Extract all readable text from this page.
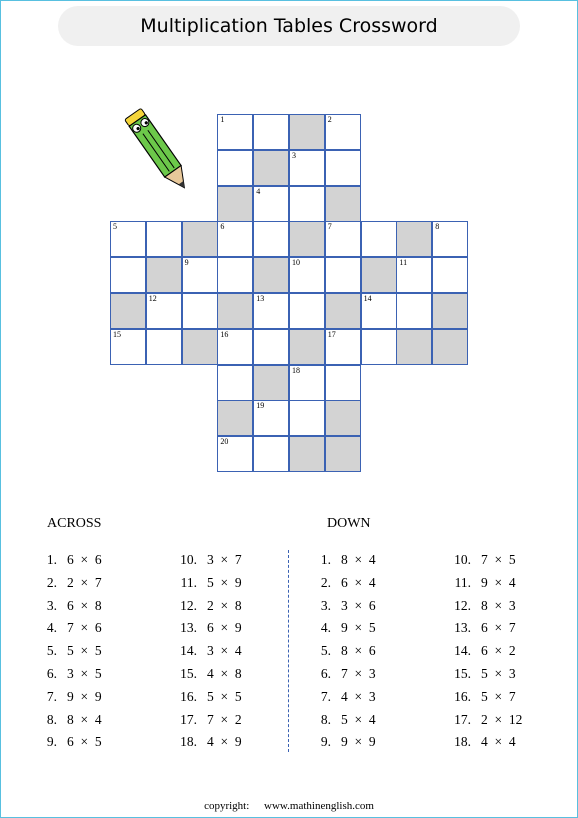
Multiplication Tables Crossword
1	2
3
4
5	6	7	8
9	10	11
12	13	14
15	16	17
18
19
20
ACROSS	DOWN
1. 6  ×  6
2. 2  ×  7
3. 6  ×  8
4. 7  ×  6
5. 5  ×  5
6. 3  ×  5
7. 9  ×  9
8. 8  ×  4
9. 6  ×  5
10. 3  ×  7
11. 5  ×  9
12. 2  ×  8
13. 6  ×  9
14. 3  ×  4
15. 4  ×  8
16. 5  ×  5
17. 7  ×  2
18. 4  ×  9
1. 8  ×  4
2. 6  ×  4
3. 3  ×  6
4. 9  ×  5
5. 8  ×  6
6. 7  ×  3
7. 4  ×  3
8. 5  ×  4
9. 9  ×  9
10. 7  ×  5
11. 9  ×  4
12. 8  ×  3
13. 6  ×  7
14. 6  ×  2
15. 5  ×  3
16. 5  ×  7
17. 2  ×  12
18. 4  ×  4
copyright: www.mathinenglish.com
